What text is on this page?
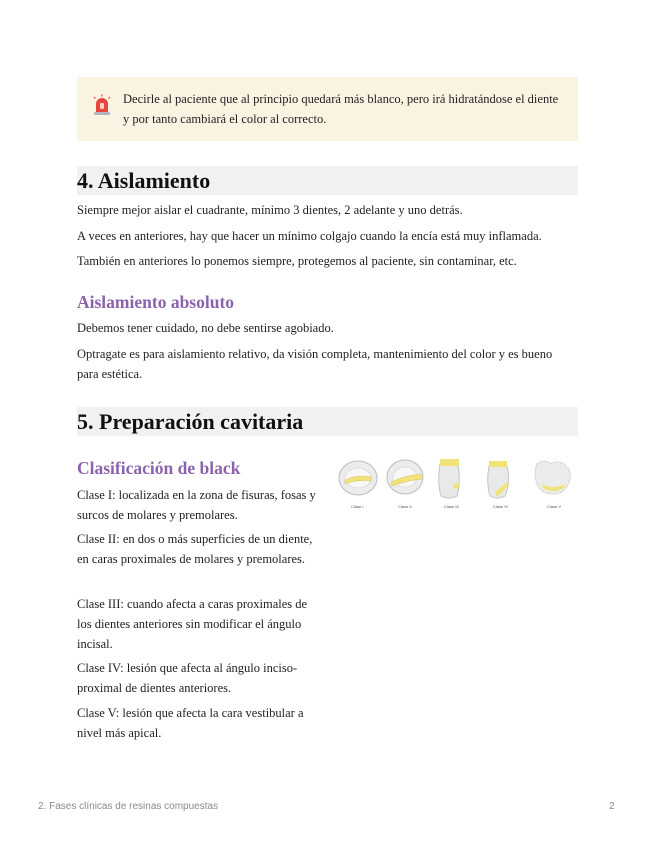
Decirle al paciente que al principio quedará más blanco, pero irá hidratándose el diente y por tanto cambiará el color al correcto.
4. Aislamiento
Siempre mejor aislar el cuadrante, mínimo 3 dientes, 2 adelante y uno detrás.
A veces en anteriores, hay que hacer un mínimo colgajo cuando la encía está muy inflamada.
También en anteriores lo ponemos siempre, protegemos al paciente, sin contaminar, etc.
Aislamiento absoluto
Debemos tener cuidado, no debe sentirse agobiado.
Optragate es para aislamiento relativo, da visión completa, mantenimiento del color y es bueno para estética.
5. Preparación cavitaria
Clasificación de black
Clase I: localizada en la zona de fisuras, fosas y surcos de molares y premolares.
Clase II: en dos o más superficies de un diente, en caras proximales de molares y premolares.
Clase III: cuando afecta a caras proximales de los dientes anteriores sin modificar el ángulo incisal.
Clase IV: lesión que afecta al ángulo inciso-proximal de dientes anteriores.
Clase V: lesión que afecta la cara vestibular a nivel más apical.
Clase I	Clase II	Clase III	Clase IV	Clase V
2. Fases clínicas de resinas compuestas	2
